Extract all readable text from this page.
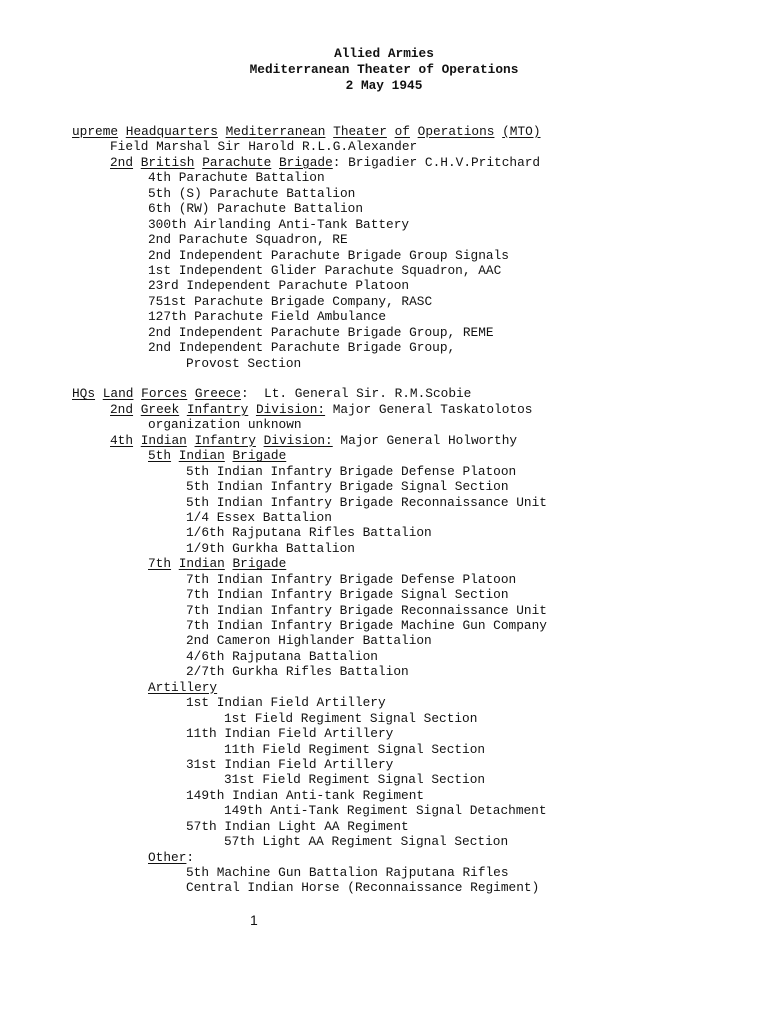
Allied Armies
Mediterranean Theater of Operations
2 May 1945
upreme Headquarters Mediterranean Theater of Operations (MTO)
Field Marshal Sir Harold R.L.G.Alexander
2nd British Parachute Brigade: Brigadier C.H.V.Pritchard
4th Parachute Battalion
5th (S) Parachute Battalion
6th (RW) Parachute Battalion
300th Airlanding Anti-Tank Battery
2nd Parachute Squadron, RE
2nd Independent Parachute Brigade Group Signals
1st Independent Glider Parachute Squadron, AAC
23rd Independent Parachute Platoon
751st Parachute Brigade Company, RASC
127th Parachute Field Ambulance
2nd Independent Parachute Brigade Group, REME
2nd Independent Parachute Brigade Group,
Provost Section
HQs Land Forces Greece:  Lt. General Sir. R.M.Scobie
2nd Greek Infantry Division: Major General Taskatolotos
organization unknown
4th Indian Infantry Division: Major General Holworthy
5th Indian Brigade
5th Indian Infantry Brigade Defense Platoon
5th Indian Infantry Brigade Signal Section
5th Indian Infantry Brigade Reconnaissance Unit
1/4 Essex Battalion
1/6th Rajputana Rifles Battalion
1/9th Gurkha Battalion
7th Indian Brigade
7th Indian Infantry Brigade Defense Platoon
7th Indian Infantry Brigade Signal Section
7th Indian Infantry Brigade Reconnaissance Unit
7th Indian Infantry Brigade Machine Gun Company
2nd Cameron Highlander Battalion
4/6th Rajputana Battalion
2/7th Gurkha Rifles Battalion
Artillery
1st Indian Field Artillery
1st Field Regiment Signal Section
11th Indian Field Artillery
11th Field Regiment Signal Section
31st Indian Field Artillery
31st Field Regiment Signal Section
149th Indian Anti-tank Regiment
149th Anti-Tank Regiment Signal Detachment
57th Indian Light AA Regiment
57th Light AA Regiment Signal Section
Other:
5th Machine Gun Battalion Rajputana Rifles
Central Indian Horse (Reconnaissance Regiment)
1
